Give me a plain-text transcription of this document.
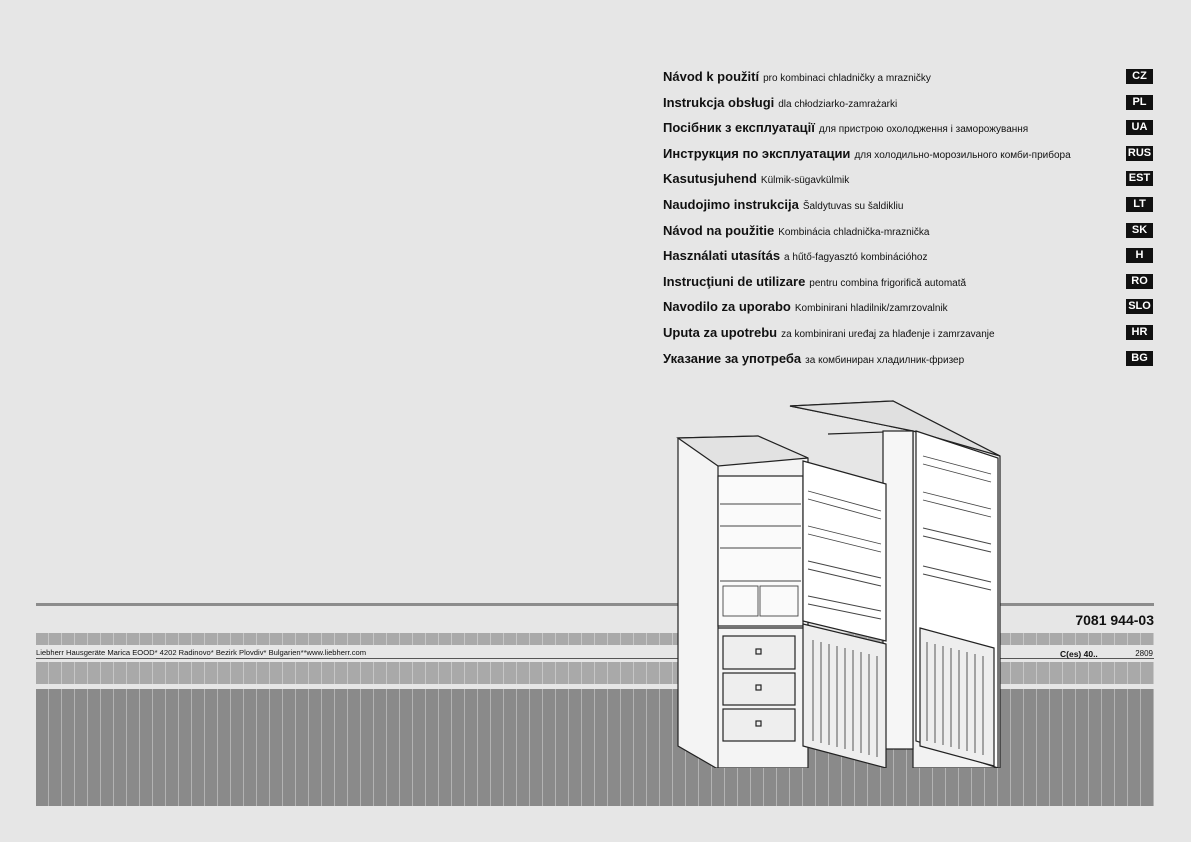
Návod k použití pro kombinaci chladničky a mrazničky	CZ
Instrukcja obsługi dla chłodziarko-zamrażarki	PL
Посібник з експлуатації для пристрою охолодження і заморожування	UA
Инструкция по эксплуатации для холодильно-морозильного комби-прибора	RUS
Kasutusjuhend Külmik-sügavkülmik	EST
Naudojimo instrukcija Šaldytuvas su šaldikliu	LT
Návod na použitie Kombinácia chladnička-mraznička	SK
Használati utasítás a hűtő-fagyasztó kombinációhoz	H
Instrucţiuni de utilizare pentru combina frigorifică automată	RO
Navodilo za uporabo Kombinirani hladilnik/zamrzovalnik	SLO
Uputa za upotrebu za kombinirani uređaj za hlađenje i zamrzavanje	HR
Указание за употреба за комбиниран хладилник-фризер	BG
7081 944-03
Liebherr Hausgeräte Marica EOOD* 4202 Radinovo* Bezirk Plovdiv* Bulgarien**www.liebherr.com	C(es) 40..	2809
